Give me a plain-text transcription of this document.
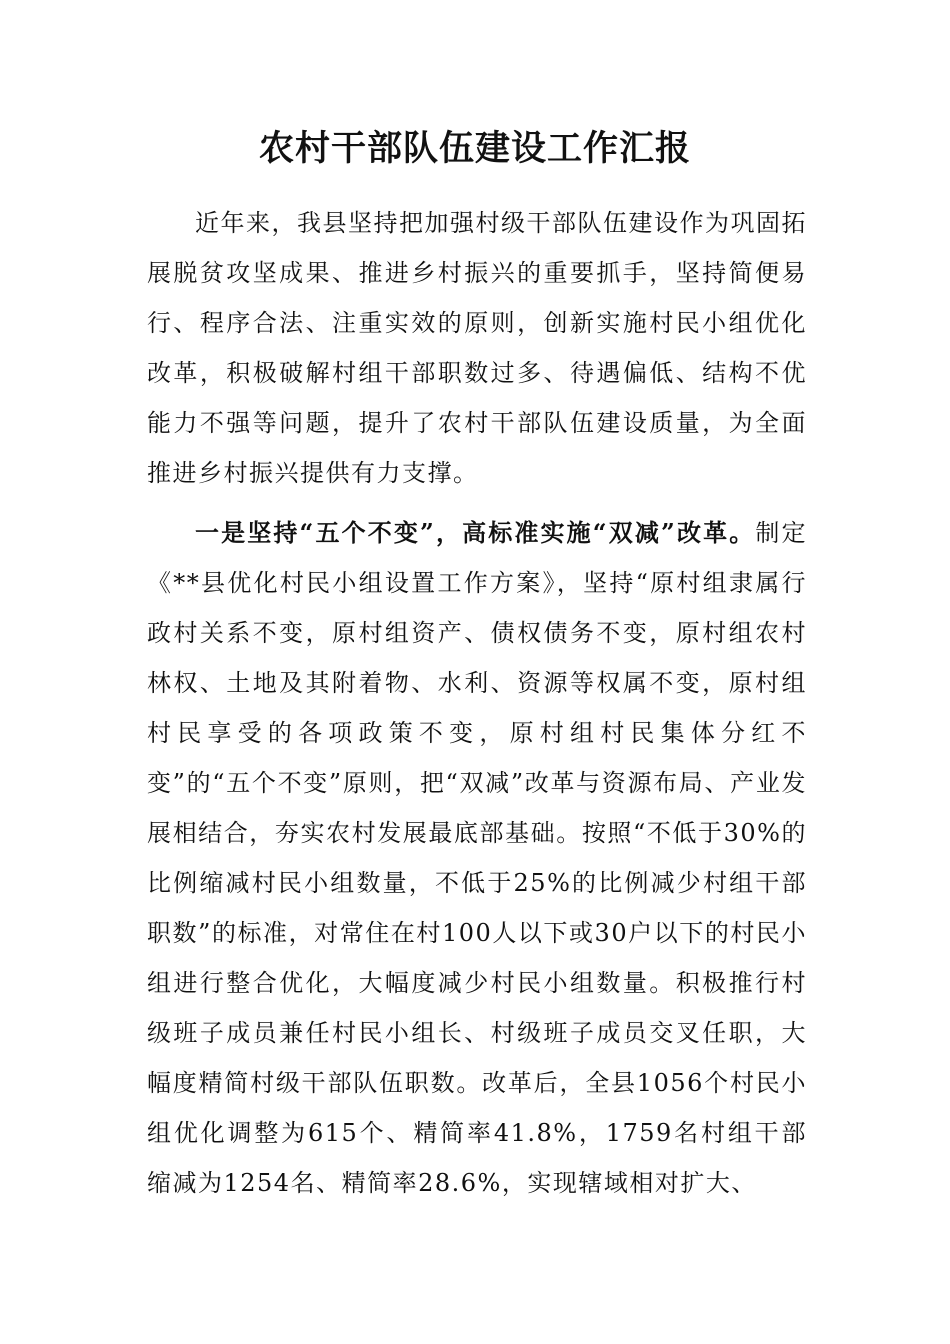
农村干部队伍建设工作汇报

近年来，我县坚持把加强村级干部队伍建设作为巩固拓展脱贫攻坚成果、推进乡村振兴的重要抓手，坚持简便易行、程序合法、注重实效的原则，创新实施村民小组优化改革，积极破解村组干部职数过多、待遇偏低、结构不优能力不强等问题，提升了农村干部队伍建设质量，为全面推进乡村振兴提供有力支撑。

一是坚持“五个不变”，高标准实施“双减”改革。制定《**县优化村民小组设置工作方案》，坚持“原村组隶属行政村关系不变，原村组资产、债权债务不变，原村组农村林权、土地及其附着物、水利、资源等权属不变，原村组村民享受的各项政策不变，原村组村民集体分红不变”的“五个不变”原则，把“双减”改革与资源布局、产业发展相结合，夯实农村发展最底部基础。按照“不低于30%的比例缩减村民小组数量，不低于25%的比例减少村组干部职数”的标准，对常住在村100人以下或30户以下的村民小组进行整合优化，大幅度减少村民小组数量。积极推行村级班子成员兼任村民小组长、村级班子成员交叉任职，大幅度精简村级干部队伍职数。改革后，全县1056个村民小组优化调整为615个、精简率41.8%，1759名村组干部缩减为1254名、精简率28.6%，实现辖域相对扩大、
